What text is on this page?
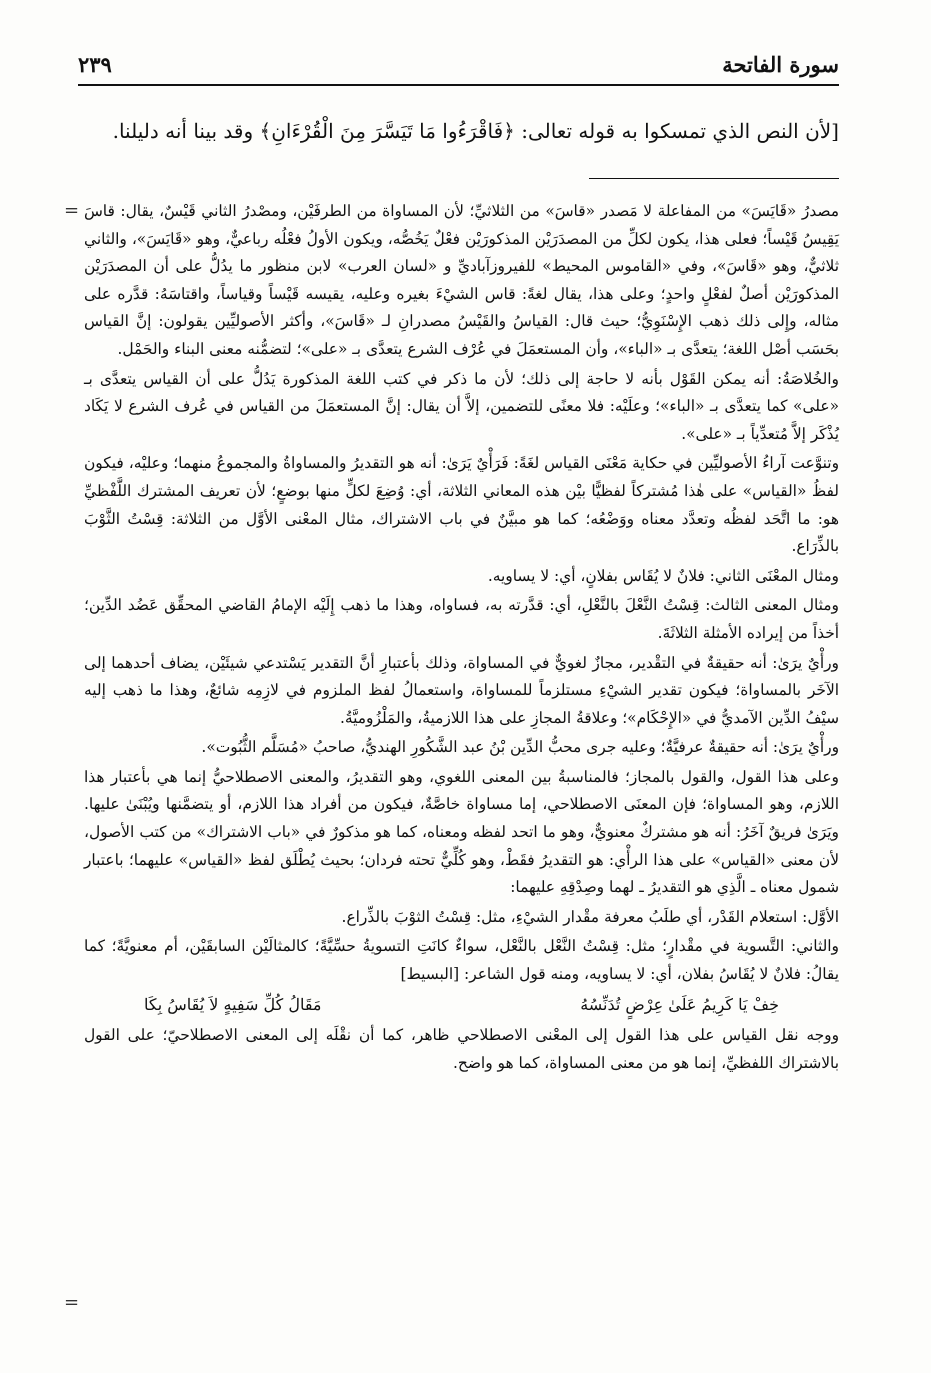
سورة الفاتحة
٢٣٩
[لأن النص الذي تمسكوا به قوله تعالى: ﴿فَاقْرَءُوا مَا تَيَسَّرَ مِنَ الْقُرْءَانِ﴾ وقد بينا أنه دليلنا.
=
=

مصدرُ «قَايَسَ» من المفاعلة لا مَصدر «قاسَ» من الثلاثيِّ؛ لأن المساواة من الطرفَيْن، ومصْدرُ الثاني قَيْسٌ، يقال: قاسَ يَقِيسُ قَيْساً؛ فعلى هذا، يكون لكلِّ من المصدَرَيْن المذكورَيْن فعْلٌ يَخُصُّه، ويكون الأولُ فعْلُه رباعيٌّ، وهو «قَايَسَ»، والثاني ثلاثيٌّ، وهو «قَاسَ»، وفي «القاموس المحيط» للفيروزآباديِّ و «لسان العرب» لابن منظور ما يدُلُّ على أن المصدَرَيْن المذكورَيْن أصلٌ لفعْلٍ واحدٍ؛ وعلى هذا، يقال لغةً: قاس الشيْءَ بغيره وعليه، يقيسه قَيْساً وقياساً، واقتاسَهُ: قدَّره على مثاله، وإِلى ذلك ذهب الإِسْنَوِيُّ؛ حيث قال: القياسُ والقَيْسُ مصدرانِ لـ «قَاسَ»، وأكثر الأصوليِّين يقولون: إنَّ القياس بحَسَب أصْل اللغة؛ يتعدَّى بـ «الباء»، وأن المستعمَلَ في عُرْف الشرع يتعدَّى بـ «على»؛ لتضمُّنه معنى البناء والحَمْل.

والخُلاصَةُ: أنه يمكن القَوْل بأنه لا حاجة إلى ذلك؛ لأن ما ذكر في كتب اللغة المذكورة يَدُلُّ على أن القياس يتعدَّى بـ «على» كما يتعدَّى بـ «الباء»؛ وعلَيْه: فلا معنًى للتضمين، إلاَّ أن يقال: إنَّ المستعمَلَ من القياس في عُرف الشرع لا يَكَاد يُذْكَر إلاَّ مُتعدِّياً بـ «على».

وتنوَّعت آراءُ الأصوليِّين في حكاية مَعْنَى القياس لغَةً: فَرَأْيٌ يَرَىٰ: أنه هو التقديرُ والمساواةُ والمجموعُ منهما؛ وعليْه، فيكون لفظُ «القياس» على هٰذا مُشتركاً لفظيًّا بيْن هذه المعاني الثلاثة، أي: وُضِعَ لكلٍّ منها بوضعٍ؛ لأن تعريف المشترك اللَّفْظيِّ هو: ما اتَّحَد لفظُه وتعدَّد معناه ووَضْعُه؛ كما هو مبيَّنٌ في باب الاشتراك، مثال المعْنى الأوَّل من الثلاثة: قِسْتُ الثَّوْبَ بالذِّرَاع.

ومثال المعْنَى الثاني: فلانٌ لا يُقَاس بفلانٍ، أي: لا يساويه.

ومثال المعنى الثالث: قِسْتُ النَّعْلَ بالنَّعْلِ، أي: قدَّرته به، فساواه، وهذا ما ذهب إِلَيْه الإمامُ القاضي المحقِّق عَضُد الدِّين؛ أخذاً من إيراده الأمثلة الثلاثَةَ.

ورأْيٌ يرَىٰ: أنه حقيقةٌ في التقْدير، مجازٌ لغويٌّ في المساواة، وذلك بأعتبارِ أنَّ التقدير يَسْتدعي شيئَيْن، يضاف أحدهما إلى الآخَر بالمساواة؛ فيكون تقدير الشيْءِ مستلزماً للمساواة، واستعمالُ لفظ الملزوم في لازِمِه شائعٌ، وهذا ما ذهب إليه سيْفُ الدِّين الآمديُّ في «الإِحْكَام»؛ وعلاقةُ المجازِ على هذا اللازميةُ، والمَلْزُوميَّةُ.

ورأْيٌ يرَىٰ: أنه حقيقةٌ عرفيَّةٌ؛ وعليه جرى محبُّ الدِّين بْنُ عبد الشَّكُورِ الهنديُّ، صاحبُ «مُسَلَّم الثُّبُوت».

وعلى هذا القول، والقول بالمجاز؛ فالمناسبةُ بين المعنى اللغوي، وهو التقديرُ، والمعنى الاصطلاحيُّ إنما هي بأعتبار هذا اللازم، وهو المساواة؛ فإن المعنَى الاصطلاحي، إما مساواة خاصَّةٌ، فيكون من أفراد هذا اللازم، أو يتضمَّنها ويُبْنَىٰ عليها. ويَرَىٰ فريقٌ آخَرُ: أنه هو مشتركٌ معنويٌّ، وهو ما اتحد لفظه ومعناه، كما هو مذكورٌ في «باب الاشتراك» من كتب الأصول، لأن معنى «القياس» على هذا الرأْي: هو التقديرُ فقَطْ، وهو كُلِّيٌّ تحته فردان؛ بحيث يُطْلَق لفظ «القياس» عليهما؛ باعتبار شمول معناه ـ الَّذِي هو التقديرُ ـ لهما وصِدْقِهِ عليهما:

الأوَّل: استعلام القَدْر، أي طلَبُ معرفة مقْدار الشيْءِ، مثل: قِسْتُ الثوْبَ بالذِّراع.

والثاني: التَّسوية في مقْدارٍ؛ مثل: قِسْتُ النَّعْل بالنَّعْل، سواءٌ كانَتِ التسويةُ حسِّيَّةً؛ كالمثالَيْن السابقَيْن، أم معنويَّةً؛ كما يقالُ: فلانٌ لا يُقَاسُ بفلان، أي: لا يساويه، ومنه قول الشاعر: [البسيط]

خِفْ يَا كَرِيمُ عَلَىٰ عِرْضٍ تُدَنِّسُهُ
مَقَالُ كُلِّ سَفِيهٍ لاَ يُقَاسُ بِكَا

ووجه نقل القياس على هذا القول إلى المعْنى الاصطلاحي ظاهر، كما أن نقْلَه إلى المعنى الاصطلاحيّ؛ على القول بالاشتراك اللفظيِّ، إنما هو من معنى المساواة، كما هو واضح.
